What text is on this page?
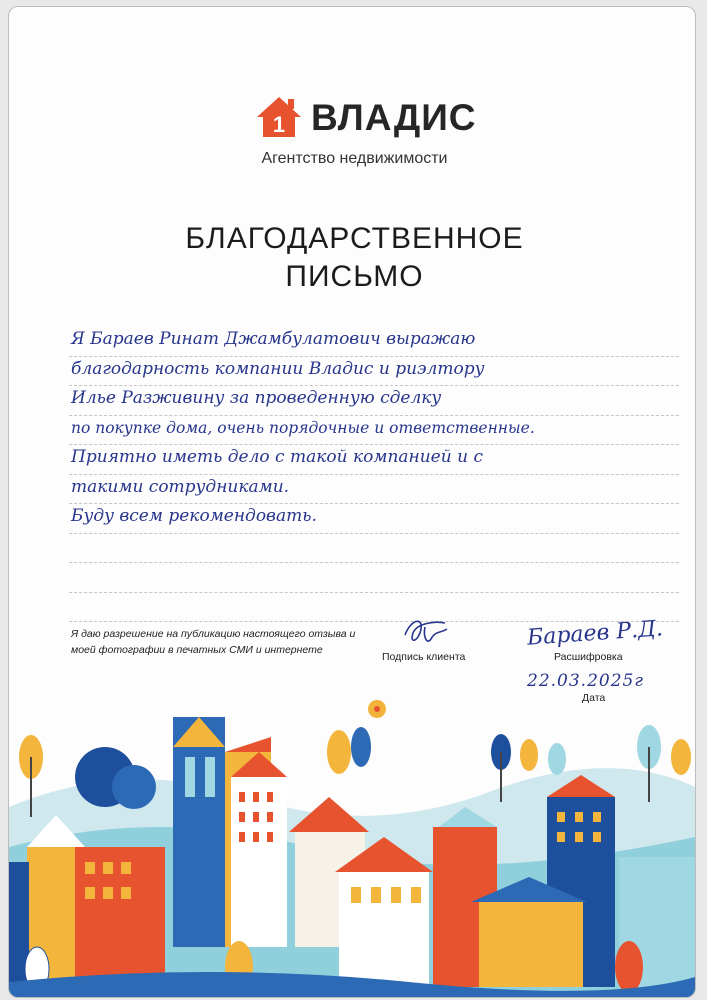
1 ВЛАДИС
Агентство недвижимости
БЛАГОДАРСТВЕННОЕ
ПИСЬМО
Я Бараев Ринат Джамбулатович выражаю
благодарность компании Владис и риэлтору
Илье Разживину за проведенную сделку
по покупке дома, очень порядочные и ответственные.
Приятно иметь дело с такой компанией и с
такими сотрудниками.
Буду всем рекомендовать.
Я даю разрешение на публикацию настоящего отзыва и моей фотографии в печатных СМИ и интернете
Подпись клиента
Бараев Р.Д.
Расшифровка
22.03.2025г
Дата
